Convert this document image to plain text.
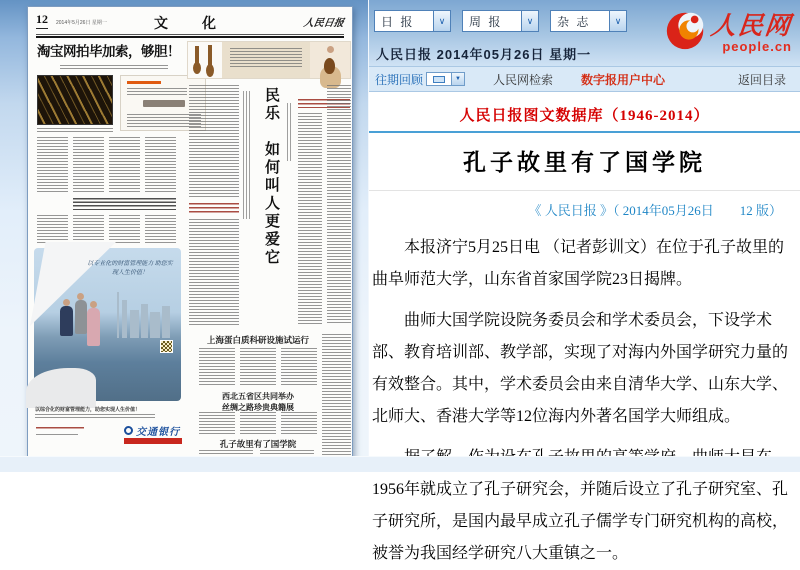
12 2014年5月26日 星期一	文　化	人民日报
淘宝网拍毕加索，够胆！
民乐　如何叫人更爱它
以专业化的财富管理能力 助您实现人生价值！
以综合化的财富管理能力，助您实现人生价值！
交通银行
上海蛋白质科研设施试运行
西北五省区共同举办
丝绸之路珍贵典籍展
孔子故里有了国学院
日 报	∨	周 报	∨	杂 志	∨
人民日报 2014年05月26日 星期一
人民网
people.cn
往期回顾	▼	人民网检索 数字报用户中心	返回目录
人民日报图文数据库（1946-2014）
孔子故里有了国学院
《 人民日报 》（ 2014年05月26日　　12 版）

本报济宁5月25日电 （记者彭训文）在位于孔子故里的曲阜师范大学，山东省首家国学院23日揭牌。

曲师大国学院设院务委员会和学术委员会，下设学术部、教育培训部、教学部，实现了对海内外国学研究力量的有效整合。其中，学术委员会由来自清华大学、山东大学、北师大、香港大学等12位海内外著名国学大师组成。

1956年就成立了孔子研究会，并随后设立了孔子研究室、孔子研究所，是国内最早成立孔子儒学专门研究机构的高校，被誉为我国经学研究八大重镇之一。
